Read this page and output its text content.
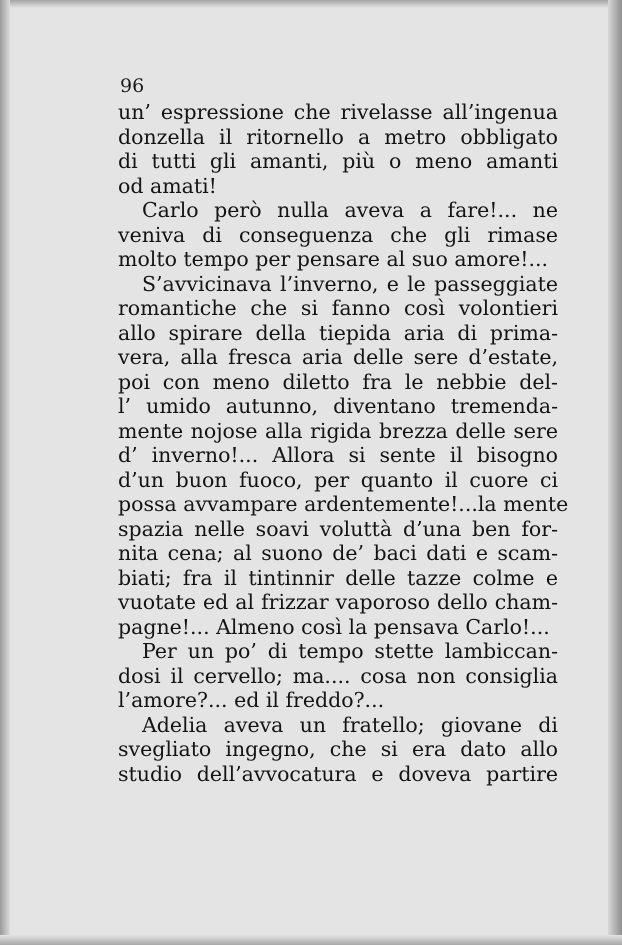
96
un’ espressione che rivelasse all’ingenua
donzella il ritornello a metro obbligato
di tutti gli amanti, più o meno amanti
od amati!
Carlo però nulla aveva a fare!... ne
veniva di conseguenza che gli rimase
molto tempo per pensare al suo amore!...
S’avvicinava l’inverno, e le passeggiate
romantiche che si fanno così volontieri
allo spirare della tiepida aria di prima-
vera, alla fresca aria delle sere d’estate,
poi con meno diletto fra le nebbie del-
l’ umido autunno, diventano tremenda-
mente nojose alla rigida brezza delle sere
d’ inverno!... Allora si sente il bisogno
d’un buon fuoco, per quanto il cuore ci
possa avvampare ardentemente!...la mente
spazia nelle soavi voluttà d’una ben for-
nita cena; al suono de’ baci dati e scam-
biati; fra il tintinnir delle tazze colme e
vuotate ed al frizzar vaporoso dello cham-
pagne!... Almeno così la pensava Carlo!...
Per un po’ di tempo stette lambiccan-
dosi il cervello; ma.... cosa non consiglia
l’amore?... ed il freddo?...
Adelia aveva un fratello; giovane di
svegliato ingegno, che si era dato allo
studio dell’avvocatura e doveva partire
